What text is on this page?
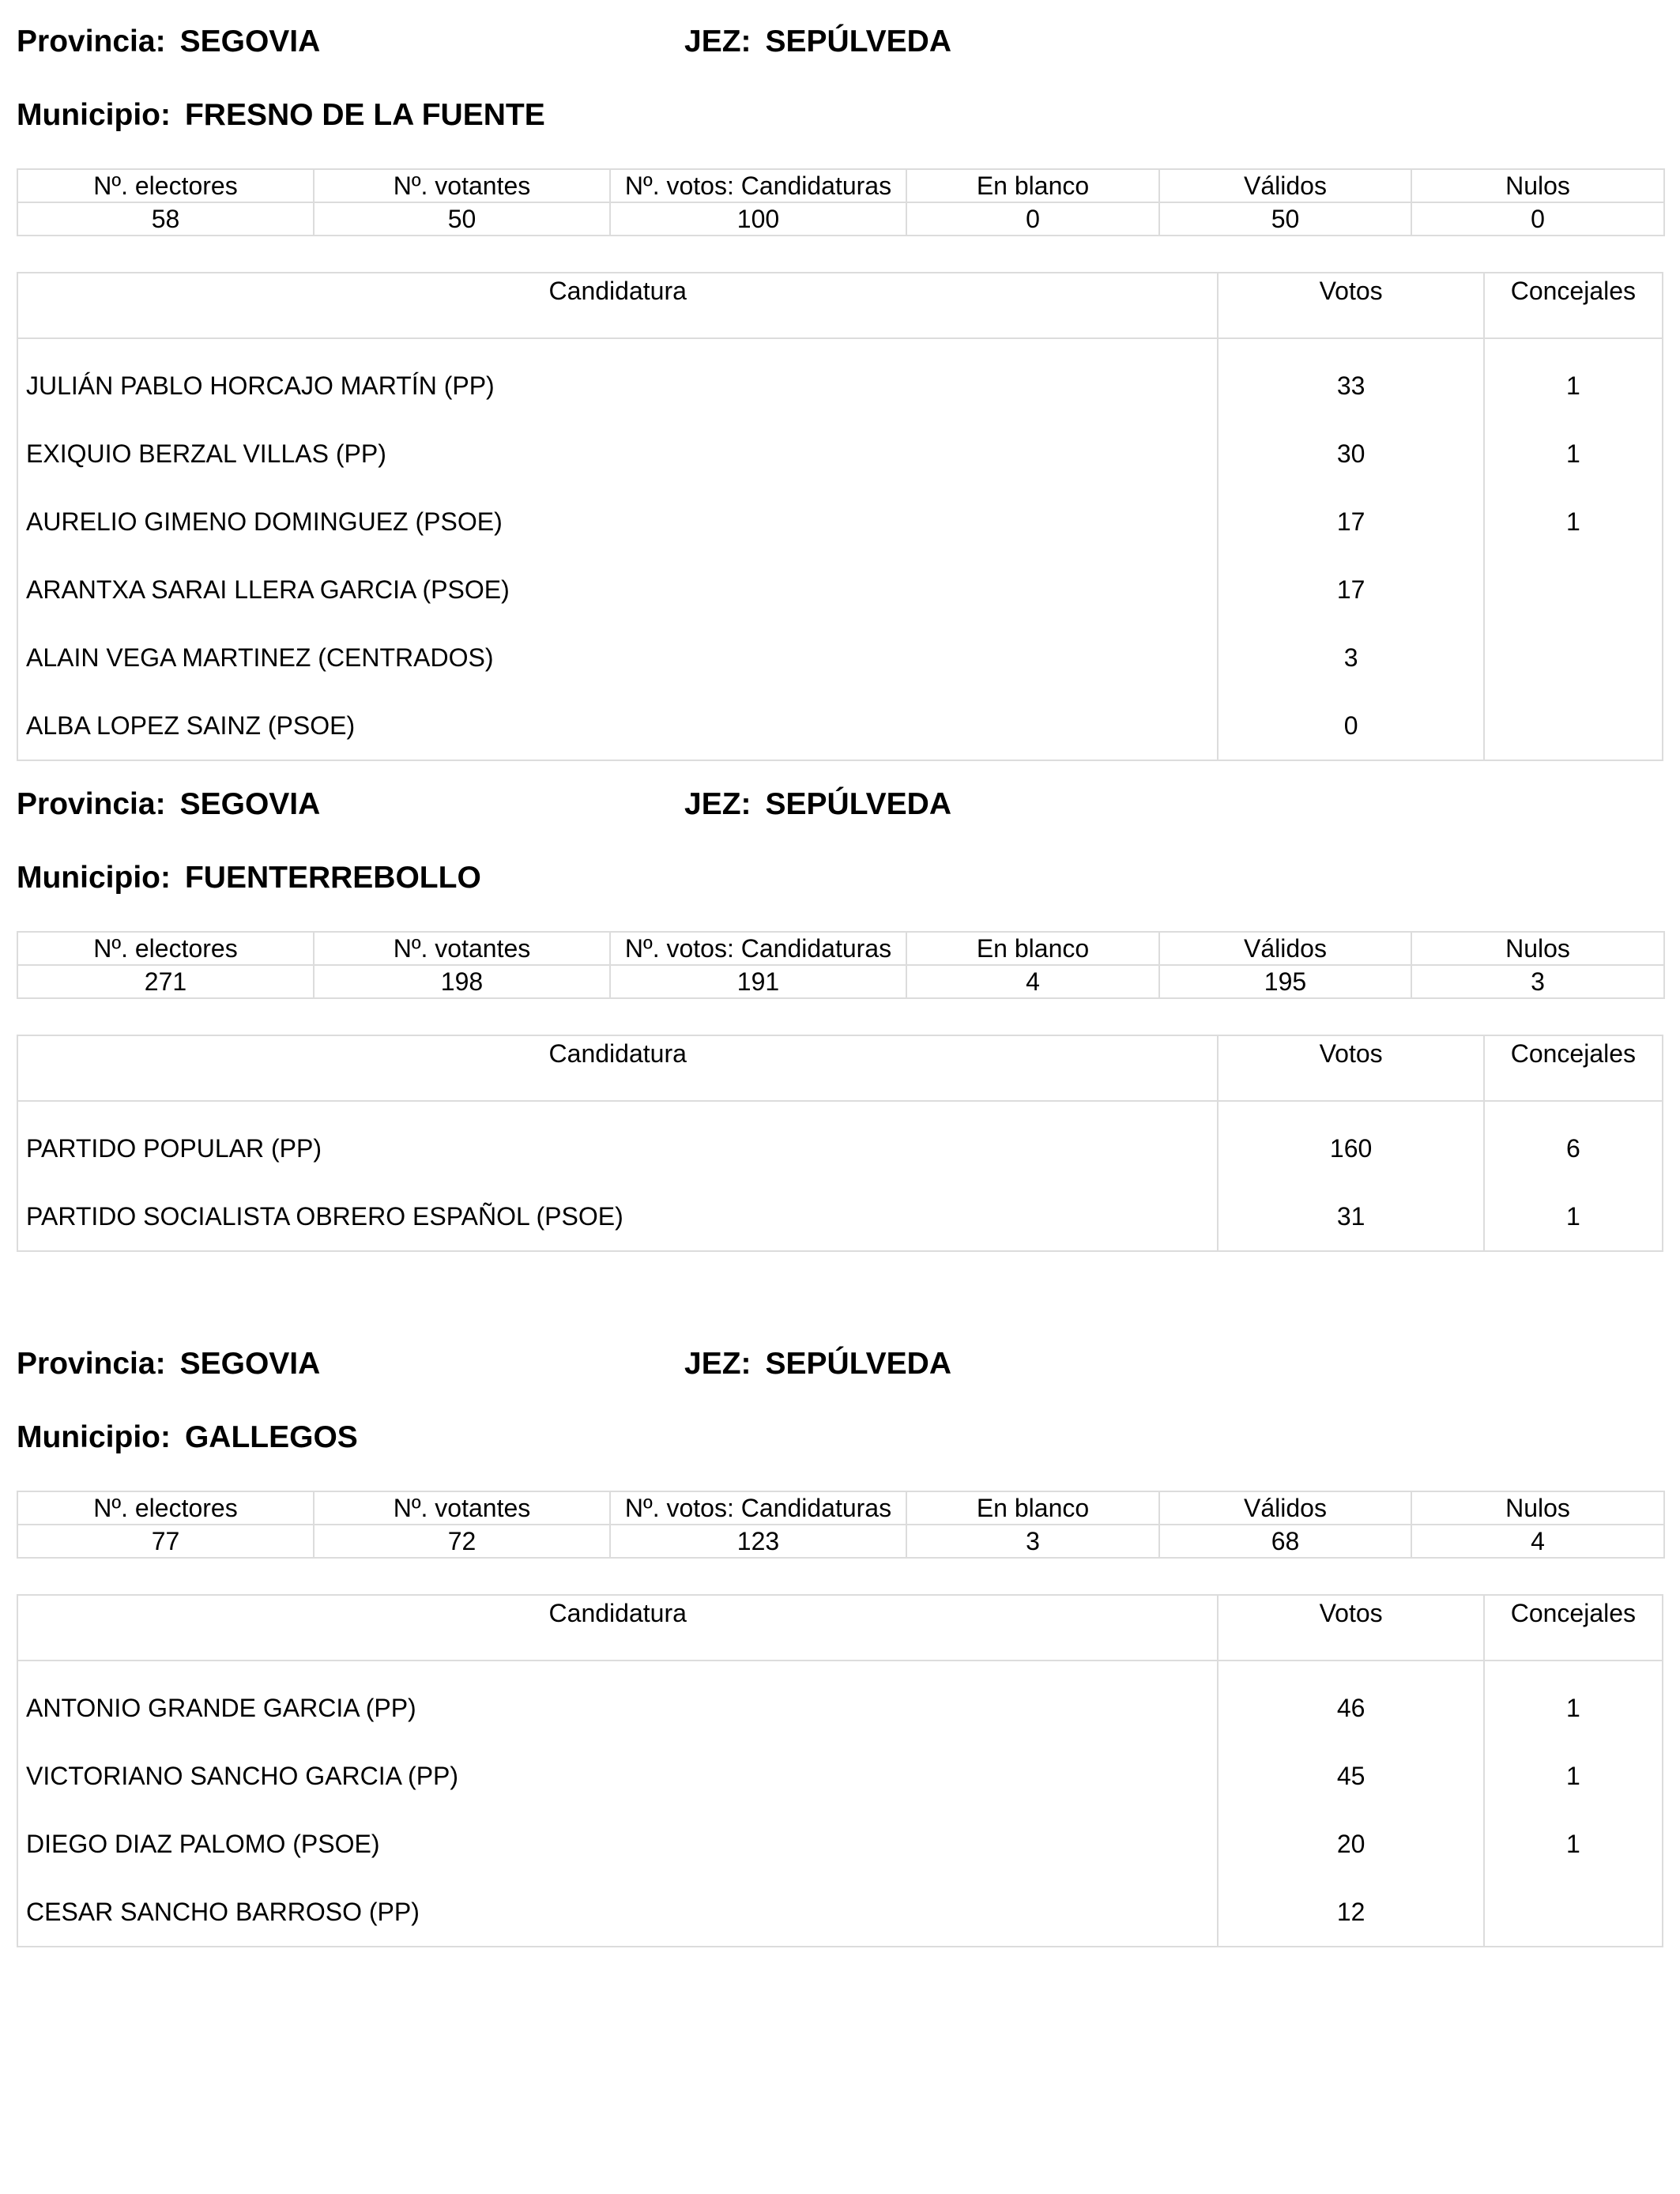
Provincia: SEGOVIA	JEZ: SEPÚLVEDA
Municipio: FRESNO DE LA FUENTE
Nº. electores	Nº. votantes	Nº. votos: Candidaturas	En blanco	Válidos	Nulos
58	50	100	0	50	0
Candidatura	Votos	Concejales
JULIÁN PABLO HORCAJO MARTÍN (PP)	33	1
EXIQUIO BERZAL VILLAS (PP)	30	1
AURELIO GIMENO DOMINGUEZ (PSOE)	17	1
ARANTXA SARAI LLERA GARCIA (PSOE)	17	
ALAIN VEGA MARTINEZ (CENTRADOS)	3	
ALBA LOPEZ SAINZ (PSOE)	0	
Provincia: SEGOVIA	JEZ: SEPÚLVEDA
Municipio: FUENTERREBOLLO
Nº. electores	Nº. votantes	Nº. votos: Candidaturas	En blanco	Válidos	Nulos
271	198	191	4	195	3
Candidatura	Votos	Concejales
PARTIDO POPULAR (PP)	160	6
PARTIDO SOCIALISTA OBRERO ESPAÑOL (PSOE)	31	1
Provincia: SEGOVIA	JEZ: SEPÚLVEDA
Municipio: GALLEGOS
Nº. electores	Nº. votantes	Nº. votos: Candidaturas	En blanco	Válidos	Nulos
77	72	123	3	68	4
Candidatura	Votos	Concejales
ANTONIO GRANDE GARCIA (PP)	46	1
VICTORIANO SANCHO GARCIA (PP)	45	1
DIEGO DIAZ PALOMO (PSOE)	20	1
CESAR SANCHO BARROSO (PP)	12	
